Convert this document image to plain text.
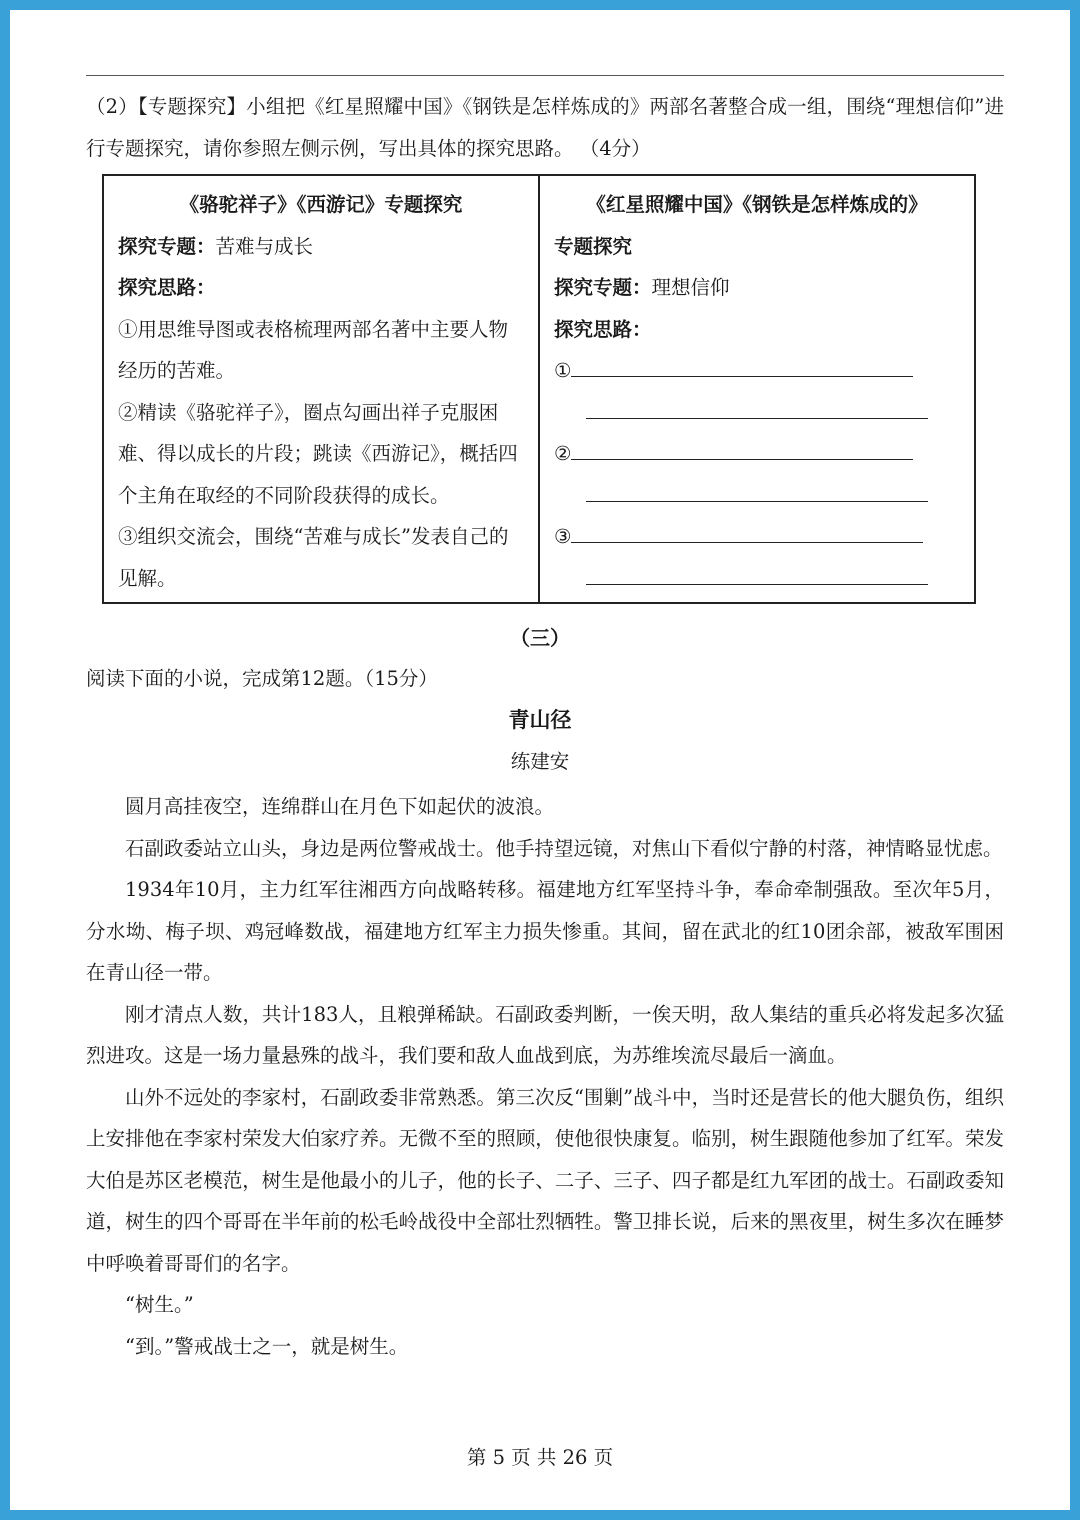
（2）【专题探究】小组把《红星照耀中国》《钢铁是怎样炼成的》两部名著整合成一组，围绕“理想信仰”进行专题探究，请你参照左侧示例，写出具体的探究思路。 （4分）
《骆驼祥子》《西游记》专题探究
探究专题：苦难与成长
探究思路：
①用思维导图或表格梳理两部名著中主要人物经历的苦难。
②精读《骆驼祥子》，圈点勾画出祥子克服困难、得以成长的片段；跳读《西游记》，概括四个主角在取经的不同阶段获得的成长。
③组织交流会，围绕“苦难与成长”发表自己的见解。

《红星照耀中国》《钢铁是怎样炼成的》
专题探究
探究专题：理想信仰
探究思路：
①
②
③
（三）
阅读下面的小说，完成第12题。（15分）
青山径
练建安

圆月高挂夜空，连绵群山在月色下如起伏的波浪。

石副政委站立山头，身边是两位警戒战士。他手持望远镜，对焦山下看似宁静的村落，神情略显忧虑。

1934年10月，主力红军往湘西方向战略转移。福建地方红军坚持斗争，奉命牵制强敌。至次年5月，分水坳、梅子坝、鸡冠峰数战，福建地方红军主力损失惨重。其间，留在武北的红10团余部，被敌军围困在青山径一带。

刚才清点人数，共计183人，且粮弹稀缺。石副政委判断，一俟天明，敌人集结的重兵必将发起多次猛烈进攻。这是一场力量悬殊的战斗，我们要和敌人血战到底，为苏维埃流尽最后一滴血。

山外不远处的李家村，石副政委非常熟悉。第三次反“围剿”战斗中，当时还是营长的他大腿负伤，组织上安排他在李家村荣发大伯家疗养。无微不至的照顾，使他很快康复。临别，树生跟随他参加了红军。荣发大伯是苏区老模范，树生是他最小的儿子，他的长子、二子、三子、四子都是红九军团的战士。石副政委知道，树生的四个哥哥在半年前的松毛岭战役中全部壮烈牺牲。警卫排长说，后来的黑夜里，树生多次在睡梦中呼唤着哥哥们的名字。

“树生。”

“到。”警戒战士之一，就是树生。

第 5 页 共 26 页
